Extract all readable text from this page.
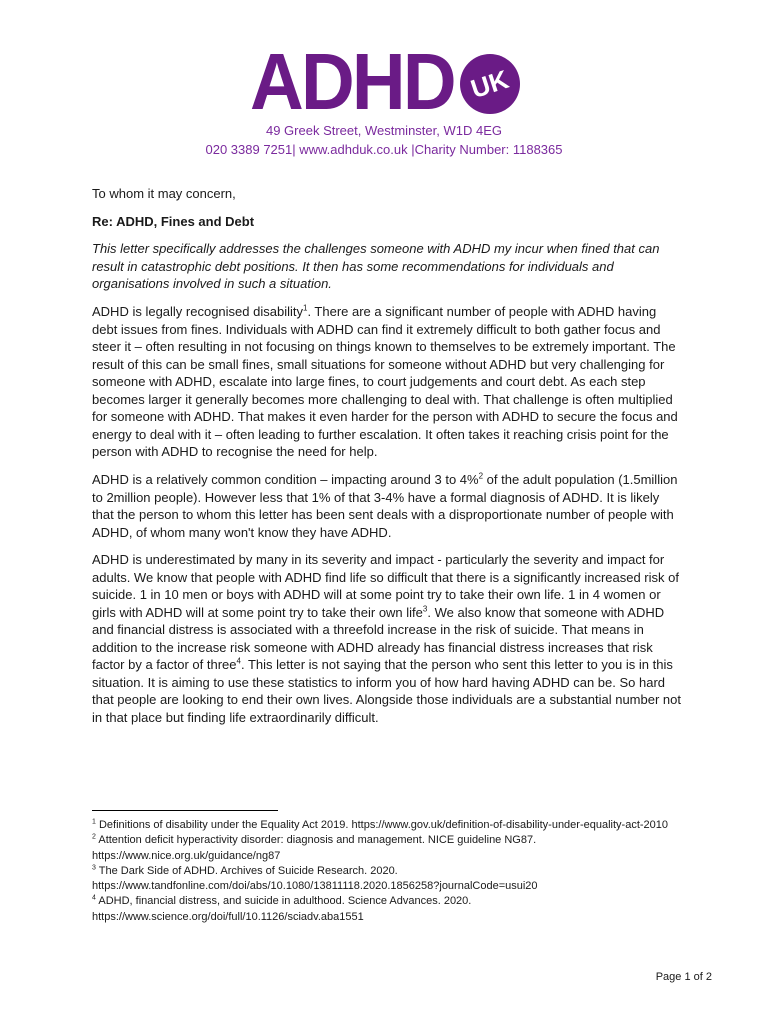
ADHD UK
49 Greek Street, Westminster, W1D 4EG
020 3389 7251| www.adhduk.co.uk |Charity Number: 1188365
To whom it may concern,
Re: ADHD, Fines and Debt
This letter specifically addresses the challenges someone with ADHD my incur when fined that can result in catastrophic debt positions. It then has some recommendations for individuals and organisations involved in such a situation.
ADHD is legally recognised disability$^1$. There are a significant number of people with ADHD having debt issues from fines. Individuals with ADHD can find it extremely difficult to both gather focus and steer it – often resulting in not focusing on things known to themselves to be extremely important. The result of this can be small fines, small situations for someone without ADHD but very challenging for someone with ADHD, escalate into large fines, to court judgements and court debt. As each step becomes larger it generally becomes more challenging to deal with. That challenge is often multiplied for someone with ADHD. That makes it even harder for the person with ADHD to secure the focus and energy to deal with it – often leading to further escalation. It often takes it reaching crisis point for the person with ADHD to recognise the need for help.
ADHD is a relatively common condition – impacting around 3 to 4%$^2$ of the adult population (1.5million to 2million people). However less that 1% of that 3-4% have a formal diagnosis of ADHD. It is likely that the person to whom this letter has been sent deals with a disproportionate number of people with ADHD, of whom many won't know they have ADHD.
ADHD is underestimated by many in its severity and impact - particularly the severity and impact for adults. We know that people with ADHD find life so difficult that there is a significantly increased risk of suicide. 1 in 10 men or boys with ADHD will at some point try to take their own life. 1 in 4 women or girls with ADHD will at some point try to take their own life$^3$. We also know that someone with ADHD and financial distress is associated with a threefold increase in the risk of suicide. That means in addition to the increase risk someone with ADHD already has financial distress increases that risk factor by a factor of three$^4$. This letter is not saying that the person who sent this letter to you is in this situation. It is aiming to use these statistics to inform you of how hard having ADHD can be. So hard that people are looking to end their own lives. Alongside those individuals are a substantial number not in that place but finding life extraordinarily difficult.
$^1$ Definitions of disability under the Equality Act 2019. https://www.gov.uk/definition-of-disability-under-equality-act-2010
$^2$ Attention deficit hyperactivity disorder: diagnosis and management. NICE guideline NG87. https://www.nice.org.uk/guidance/ng87
$^3$ The Dark Side of ADHD. Archives of Suicide Research. 2020. https://www.tandfonline.com/doi/abs/10.1080/13811118.2020.1856258?journalCode=usui20
$^4$ ADHD, financial distress, and suicide in adulthood. Science Advances. 2020. https://www.science.org/doi/full/10.1126/sciadv.aba1551
Page 1 of 2
